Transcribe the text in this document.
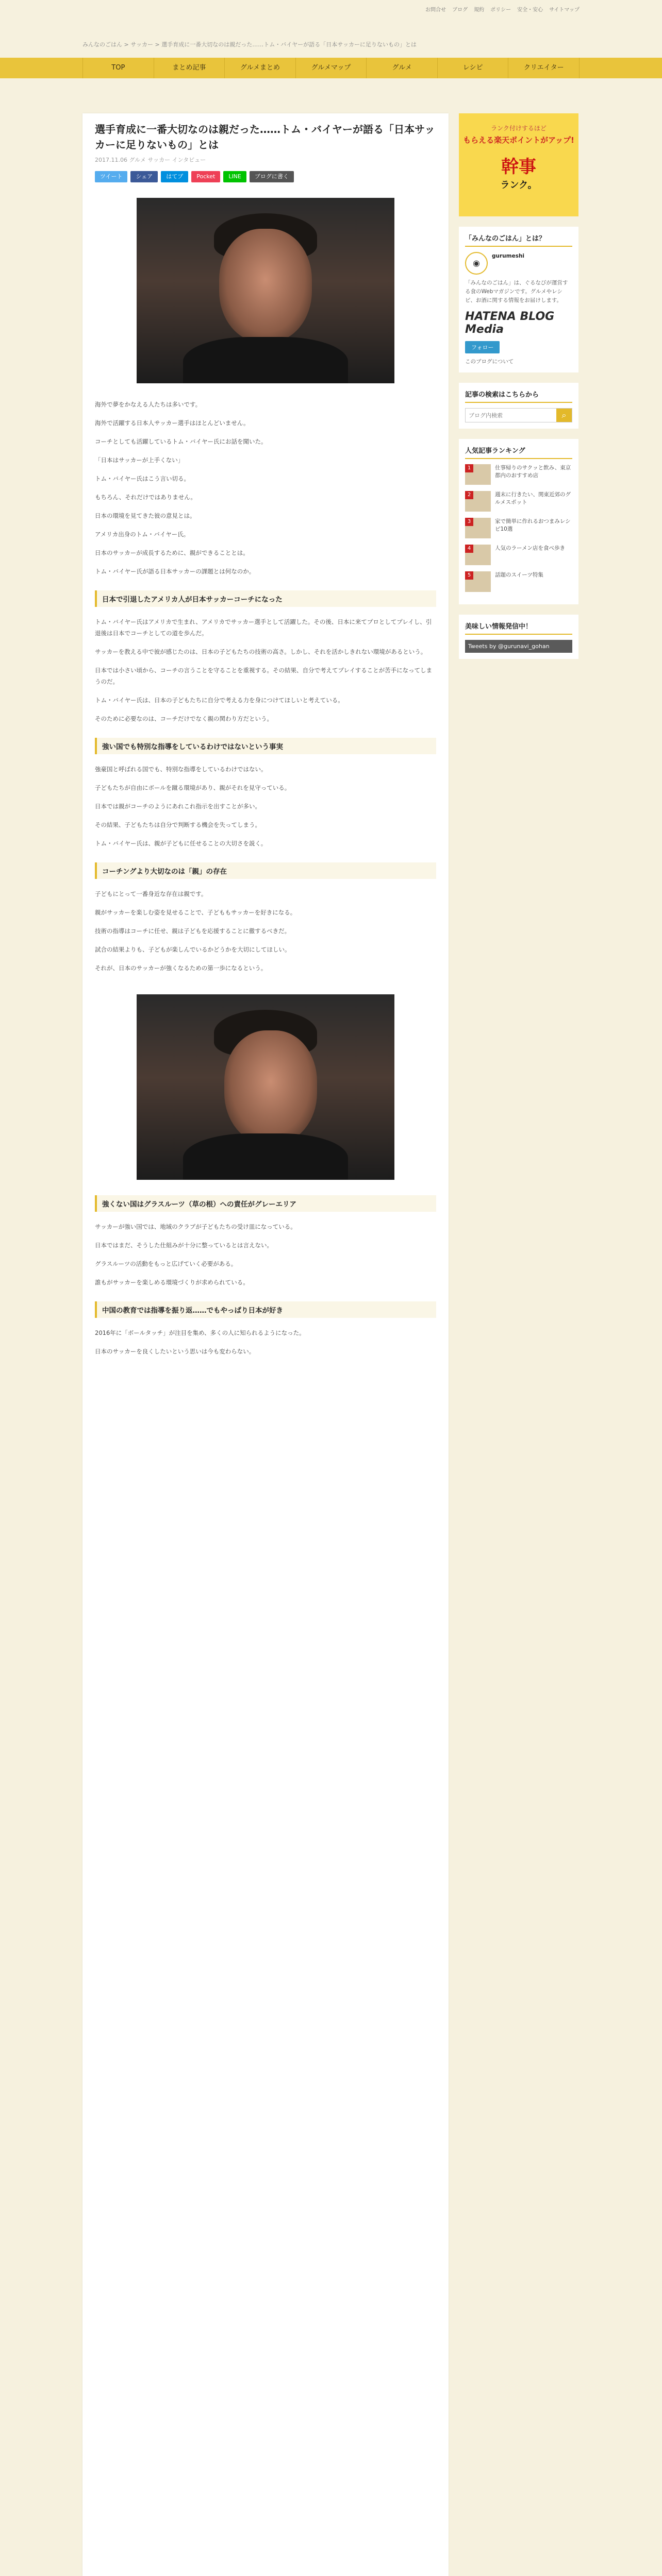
お問合せ ブログ 規約 ポリシー 安全・安心 サイトマップ
みんなのごはん > サッカー > 選手育成に一番大切なのは親だった……トム・バイヤーが語る「日本サッカーに足りないもの」とは
TOP	まとめ記事	グルメまとめ	グルメマップ	グルメ	レシピ	クリエイター
選手育成に一番大切なのは親だった……トム・バイヤーが語る「日本サッカーに足りないもの」とは
2017.11.06 グルメ サッカー インタビュー
ツイート	シェア	はてブ	Pocket	LINE	ブログに書く

海外で夢をかなえる人たちは多いです。

海外で活躍する日本人サッカー選手はほとんどいません。

コーチとしても活躍しているトム・バイヤー氏にお話を聞いた。

「日本はサッカーが上手くない」

トム・バイヤー氏はこう言い切る。

もちろん、それだけではありません。

日本の環境を見てきた彼の意見とは。

アメリカ出身のトム・バイヤー氏。

日本のサッカーが成長するために、親ができることとは。

トム・バイヤー氏が語る日本サッカーの課題とは何なのか。

日本で引退したアメリカ人が日本サッカーコーチになった

トム・バイヤー氏はアメリカで生まれ、アメリカでサッカー選手として活躍した。その後、日本に来てプロとしてプレイし、引退後は日本でコーチとしての道を歩んだ。

サッカーを教える中で彼が感じたのは、日本の子どもたちの技術の高さ。しかし、それを活かしきれない環境があるという。

日本では小さい頃から、コーチの言うことを守ることを重視する。その結果、自分で考えてプレイすることが苦手になってしまうのだ。

トム・バイヤー氏は、日本の子どもたちに自分で考える力を身につけてほしいと考えている。

そのために必要なのは、コーチだけでなく親の関わり方だという。

強い国でも特別な指導をしているわけではないという事実

強豪国と呼ばれる国でも、特別な指導をしているわけではない。

子どもたちが自由にボールを蹴る環境があり、親がそれを見守っている。

日本では親がコーチのようにあれこれ指示を出すことが多い。

その結果、子どもたちは自分で判断する機会を失ってしまう。

トム・バイヤー氏は、親が子どもに任せることの大切さを説く。

コーチングより大切なのは「親」の存在

子どもにとって一番身近な存在は親です。

親がサッカーを楽しむ姿を見せることで、子どももサッカーを好きになる。

技術の指導はコーチに任せ、親は子どもを応援することに徹するべきだ。

試合の結果よりも、子どもが楽しんでいるかどうかを大切にしてほしい。

それが、日本のサッカーが強くなるための第一歩になるという。

強くない国はグラスルーツ（草の根）への責任がグレーエリア

サッカーが強い国では、地域のクラブが子どもたちの受け皿になっている。

日本ではまだ、そうした仕組みが十分に整っているとは言えない。

グラスルーツの活動をもっと広げていく必要がある。

誰もがサッカーを楽しめる環境づくりが求められている。

中国の教育では指導を振り返……でもやっぱり日本が好き

2016年に「ボールタッチ」が注目を集め、多くの人に知られるようになった。

日本のサッカーを良くしたいという思いは今も変わらない。

ランク付けするほど
もらえる楽天ポイントがアップ!
幹事
ランク。
「みんなのごはん」とは？
◉
gurumeshi
「みんなのごはん」は、ぐるなびが運営する食のWebマガジンです。グルメやレシピ、お酒に関する情報をお届けします。
HATENA BLOG Media
フォロー
このブログについて
記事の検索はこちらから
ブログ内検索
⌕
人気記事ランキング
1	仕事帰りのサクッと飲み、東京都内のおすすめ店
2	週末に行きたい、関東近郊のグルメスポット
3	家で簡単に作れるおつまみレシピ10選
4	人気のラーメン店を食べ歩き
5	話題のスイーツ特集
美味しい情報発信中！
Tweets by @gurunavi_gohan
